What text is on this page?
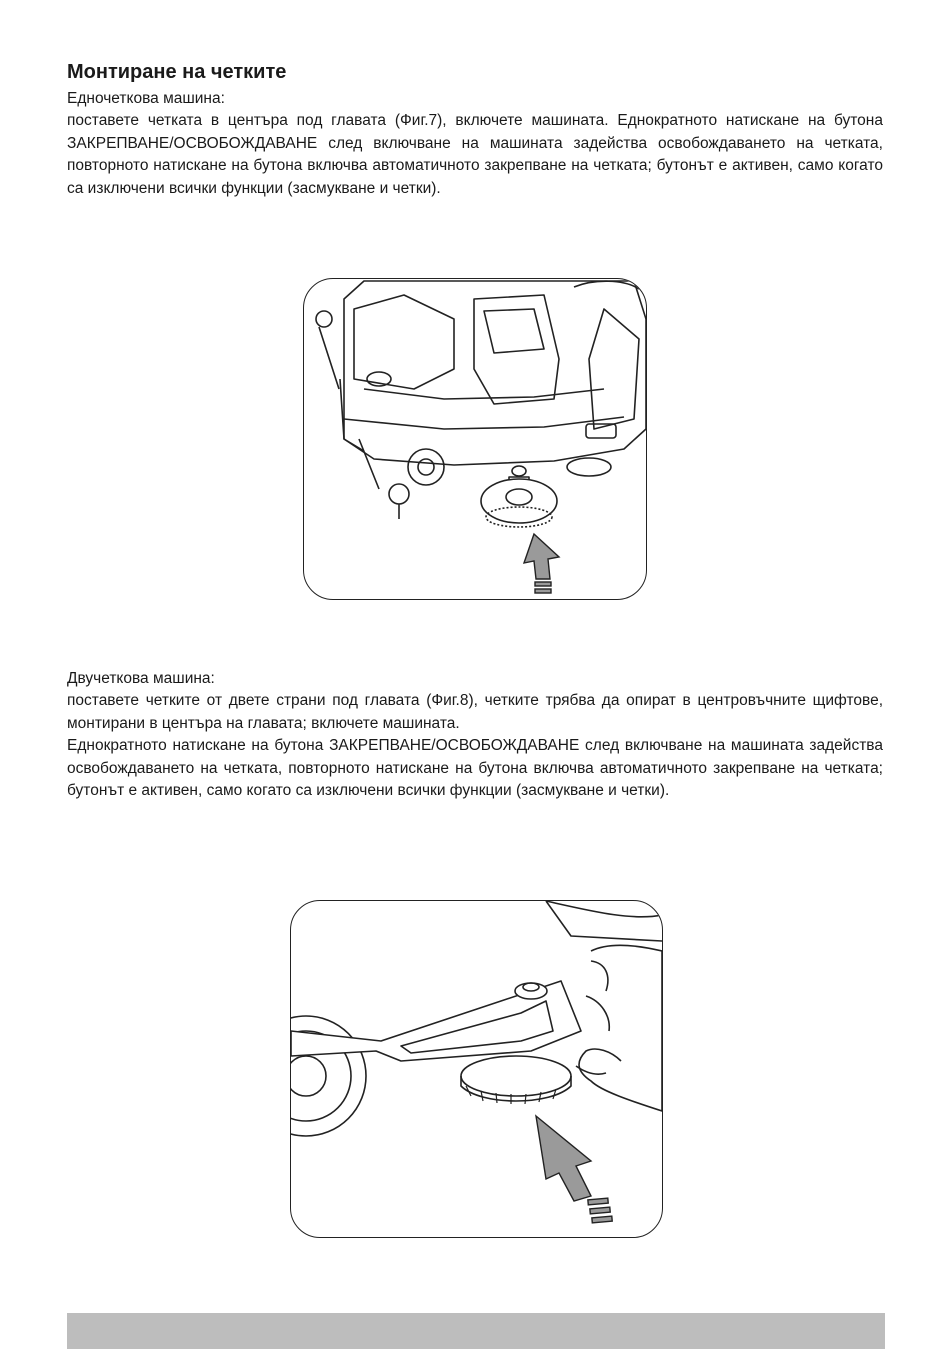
Монтиране на четките

Едночеткова машина:

поставете четката в центъра под главата (Фиг.7), включете машината. Еднократното натискане на бутона ЗАКРЕПВАНЕ/ОСВОБОЖДАВАНЕ след включване на машината задейства освобождаването на четката, повторното натискане на бутона включва автоматичното закрепване на четката; бутонът е активен, само когато са изключени всички функции (засмукване и четки).

Двучеткова машина:

поставете четките от двете страни под главата (Фиг.8), четките трябва да опират в центровъчните щифтове, монтирани в центъра на главата; включете машината.

Еднократното натискане на бутона ЗАКРЕПВАНЕ/ОСВОБОЖДАВАНЕ след включване на машината задейства освобождаването на четката, повторното натискане на бутона включва автоматичното закрепване на четката; бутонът е активен, само когато са изключени всички функции (засмукване и четки).
